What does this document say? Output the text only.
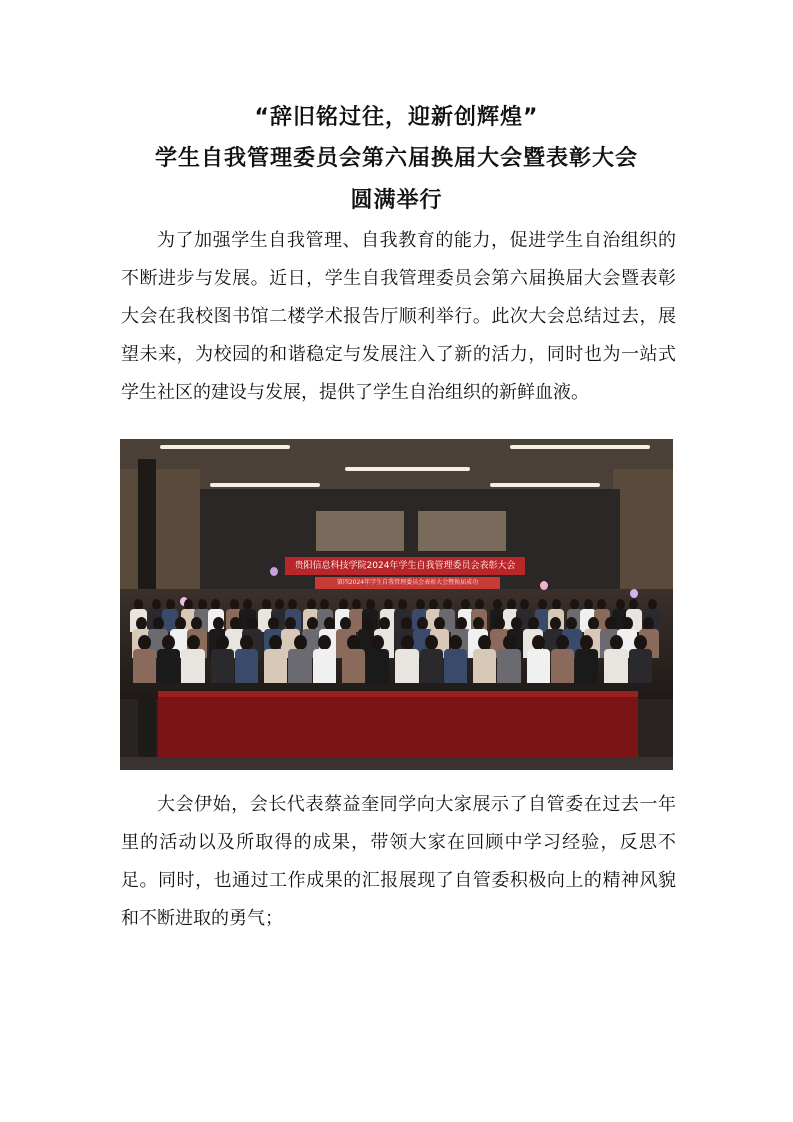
“辞旧铭过往，迎新创辉煌”
学生自我管理委员会第六届换届大会暨表彰大会
圆满举行

为了加强学生自我管理、自我教育的能力，促进学生自治组织的不断进步与发展。近日，学生自我管理委员会第六届换届大会暨表彰大会在我校图书馆二楼学术报告厅顺利举行。此次大会总结过去，展望未来，为校园的和谐稳定与发展注入了新的活力，同时也为一站式学生社区的建设与发展，提供了学生自治组织的新鲜血液。

贵阳信息科技学院2024年学生自我管理委员会表彰大会
第四2024年学生自我管理委员会表彰大会暨换届成功

大会伊始，会长代表蔡益奎同学向大家展示了自管委在过去一年里的活动以及所取得的成果，带领大家在回顾中学习经验，反思不足。同时，也通过工作成果的汇报展现了自管委积极向上的精神风貌和不断进取的勇气；
